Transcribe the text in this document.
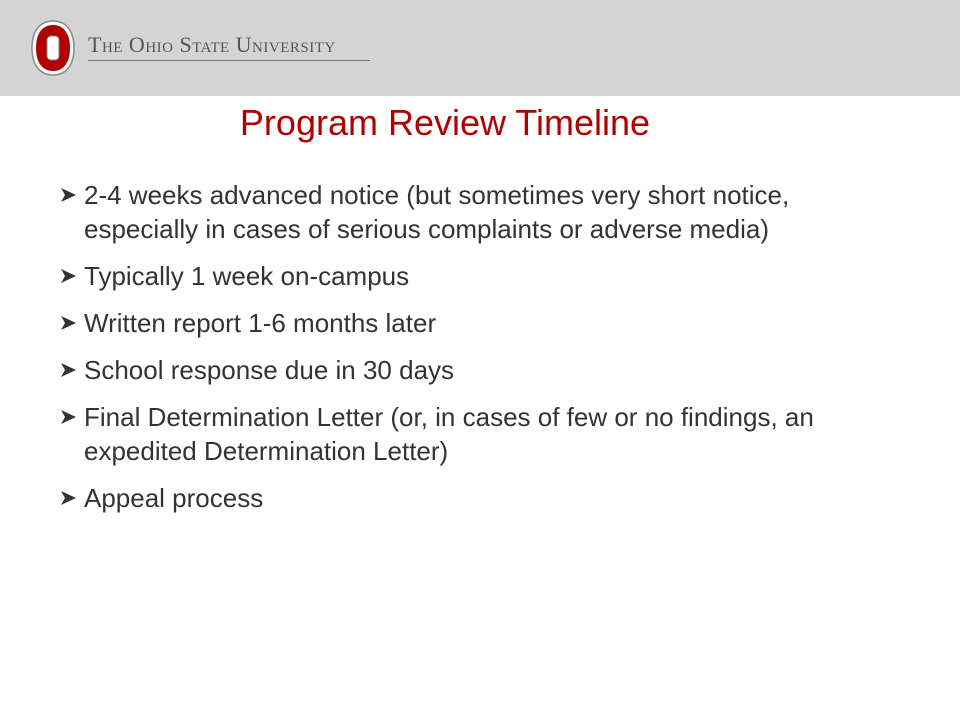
The Ohio State University
Program Review Timeline
2-4 weeks advanced notice (but sometimes very short notice, especially in cases of serious complaints or adverse media)
Typically 1 week on-campus
Written report 1-6 months later
School response due in 30 days
Final Determination Letter (or, in cases of few or no findings, an expedited Determination Letter)
Appeal process
